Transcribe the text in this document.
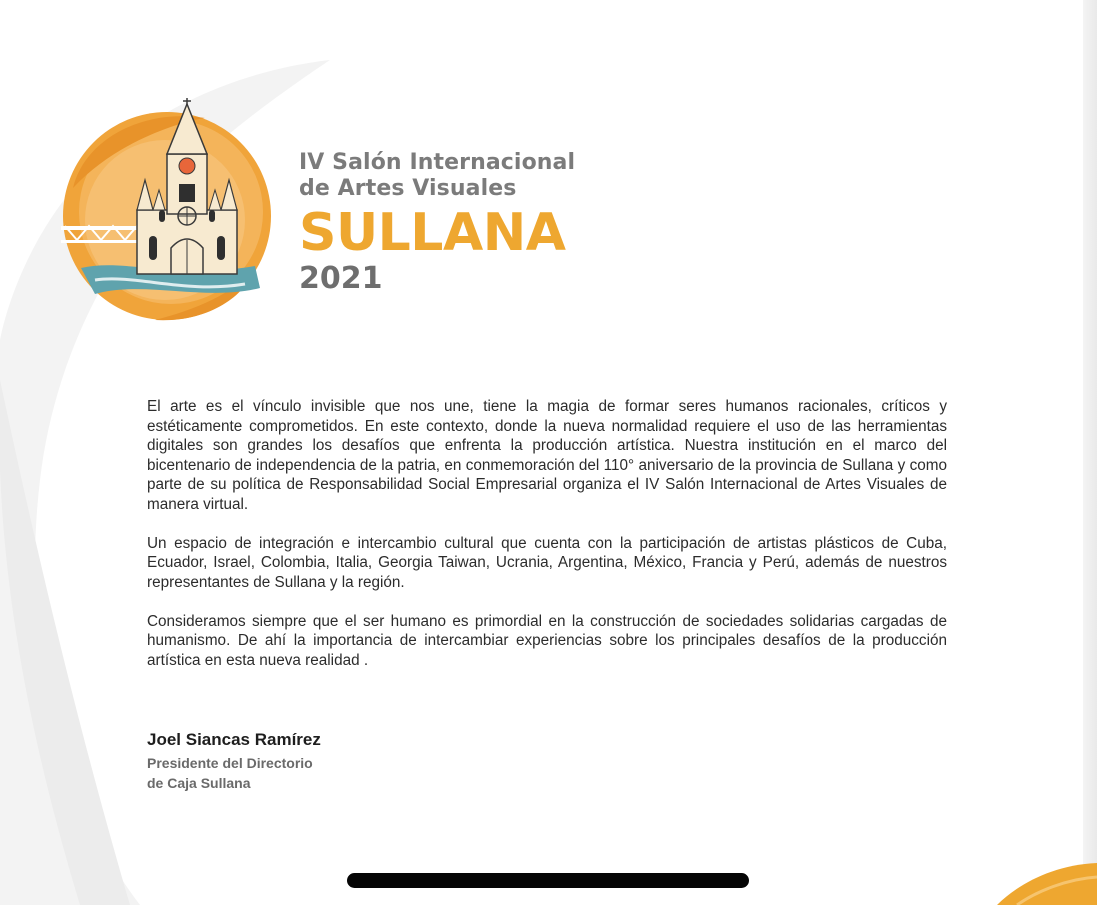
IV Salón Internacional
de Artes Visuales
SULLANA
2021

El arte es el vínculo invisible que nos une, tiene la magia de formar seres humanos racionales, críticos y estéticamente comprometidos. En este contexto, donde la nueva normalidad requiere el uso de las herramientas digitales son grandes los desafíos que enfrenta la producción artística. Nuestra institución en el marco del bicentenario de independencia de la patria, en conmemoración del 110° aniversario de la provincia de Sullana y como parte de su política de Responsabilidad Social Empresarial organiza el IV Salón Internacional de Artes Visuales de manera virtual.

Un espacio de integración e intercambio cultural que cuenta con la participación de artistas plásticos de Cuba, Ecuador, Israel, Colombia, Italia, Georgia Taiwan, Ucrania, Argentina, México, Francia y Perú, además de nuestros representantes de Sullana y la región.

Consideramos siempre que el ser humano es primordial en la construcción de sociedades solidarias cargadas de humanismo. De ahí la importancia de intercambiar experiencias sobre los principales desafíos de la producción artística en esta nueva realidad .

Joel Siancas Ramírez
Presidente del Directorio
de Caja Sullana
